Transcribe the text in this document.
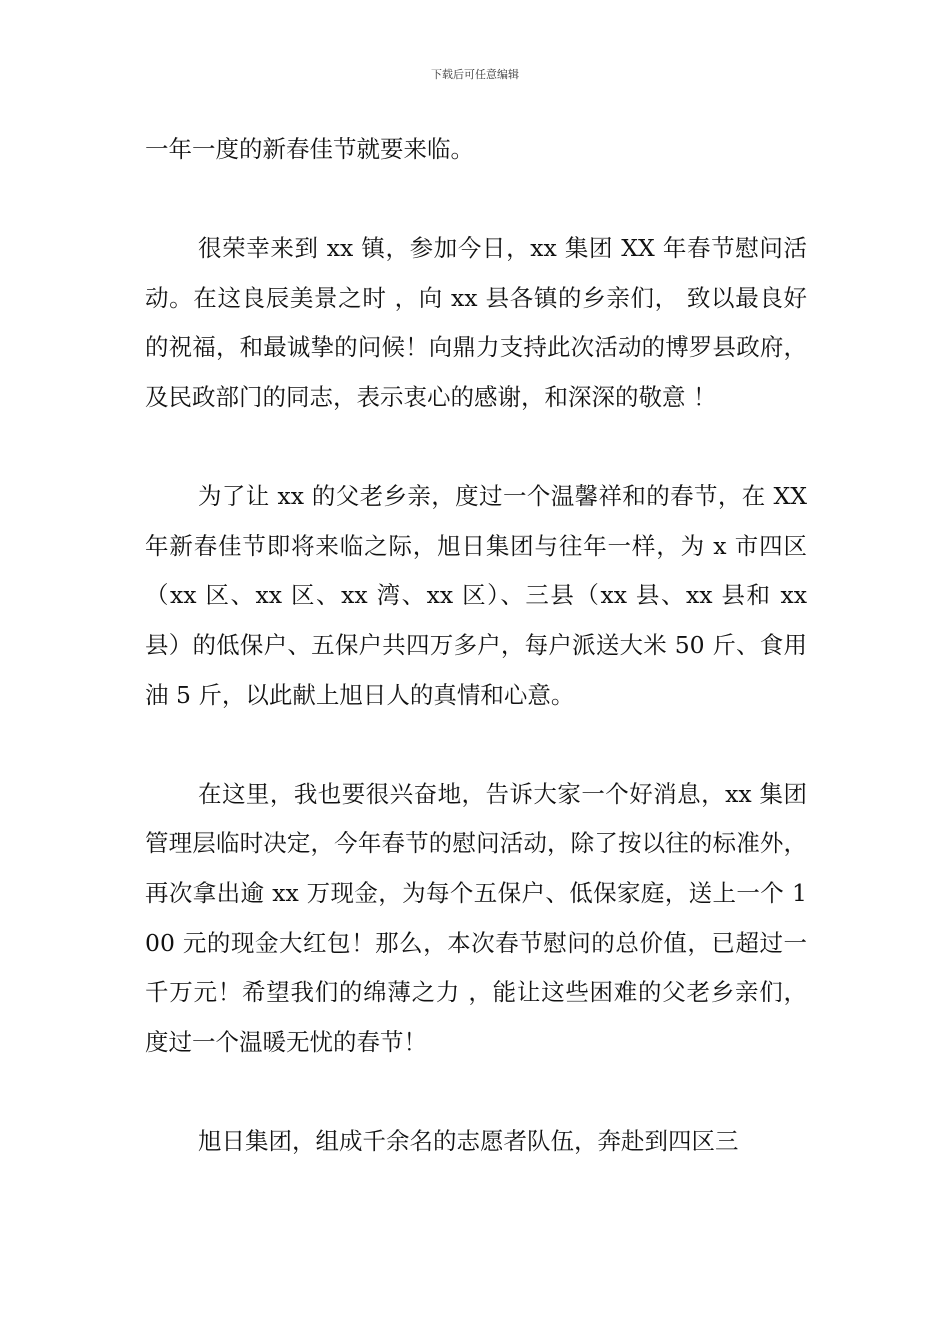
下载后可任意编辑

一年一度的新春佳节就要来临。

很荣幸来到 xx 镇，参加今日，xx 集团 XX 年春节慰问活动。在这良辰美景之时 ，向 xx 县各镇的乡亲们， 致以最良好的祝福，和最诚挚的问候！向鼎力支持此次活动的博罗县政府，及民政部门的同志，表示衷心的感谢，和深深的敬意 ！

为了让 xx 的父老乡亲，度过一个温馨祥和的春节，在 XX 年新春佳节即将来临之际，旭日集团与往年一样，为 x 市四区（xx 区、xx 区、xx 湾、xx 区）、三县（xx 县、xx 县和 xx 县）的低保户、五保户共四万多户，每户派送大米 50 斤、食用油 5 斤，以此献上旭日人的真情和心意。

在这里，我也要很兴奋地，告诉大家一个好消息，xx 集团管理层临时决定，今年春节的慰问活动，除了按以往的标准外，再次拿出逾 xx 万现金，为每个五保户、低保家庭，送上一个 100 元的现金大红包！那么，本次春节慰问的总价值，已超过一千万元！希望我们的绵薄之力 ，能让这些困难的父老乡亲们，度过一个温暖无忧的春节！

旭日集团，组成千余名的志愿者队伍，奔赴到四区三
